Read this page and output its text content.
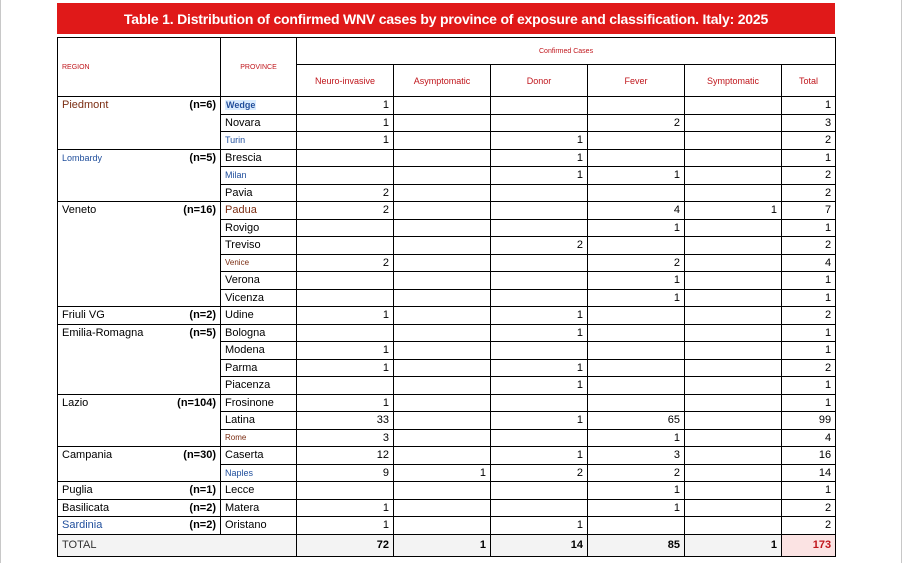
Table 1. Distribution of confirmed WNV cases by province of exposure and classification. Italy: 2025
REGION	PROVINCE	Confirmed Cases					
		Neuro-invasive	Asymptomatic	Donor	Fever	Symptomatic	Total

Piedmont (n=6)	Wedge	1					1
	Novara	1			2		3
	Turin	1		1			2

Lombardy (n=5)	Brescia			1			1
	Milan			1	1		2
	Pavia	2					2

Veneto (n=16)	Padua	2			4	1	7
	Rovigo				1		1
	Treviso			2			2
	Venice	2			2		4
	Verona				1		1
	Vicenza				1		1

Friuli VG (n=2)	Udine	1		1			2

Emilia-Romagna (n=5)	Bologna			1			1
	Modena	1					1
	Parma	1		1			2
	Piacenza			1			1

Lazio (n=104)	Frosinone	1					1
	Latina	33		1	65		99
	Rome	3			1		4

Campania (n=30)	Caserta	12		1	3		16
	Naples	9	1	2	2		14

Puglia (n=1)	Lecce				1		1

Basilicata (n=2)	Matera	1			1		2

Sardinia (n=2)	Oristano	1		1			2
TOTAL		72	1	14	85	1	173
